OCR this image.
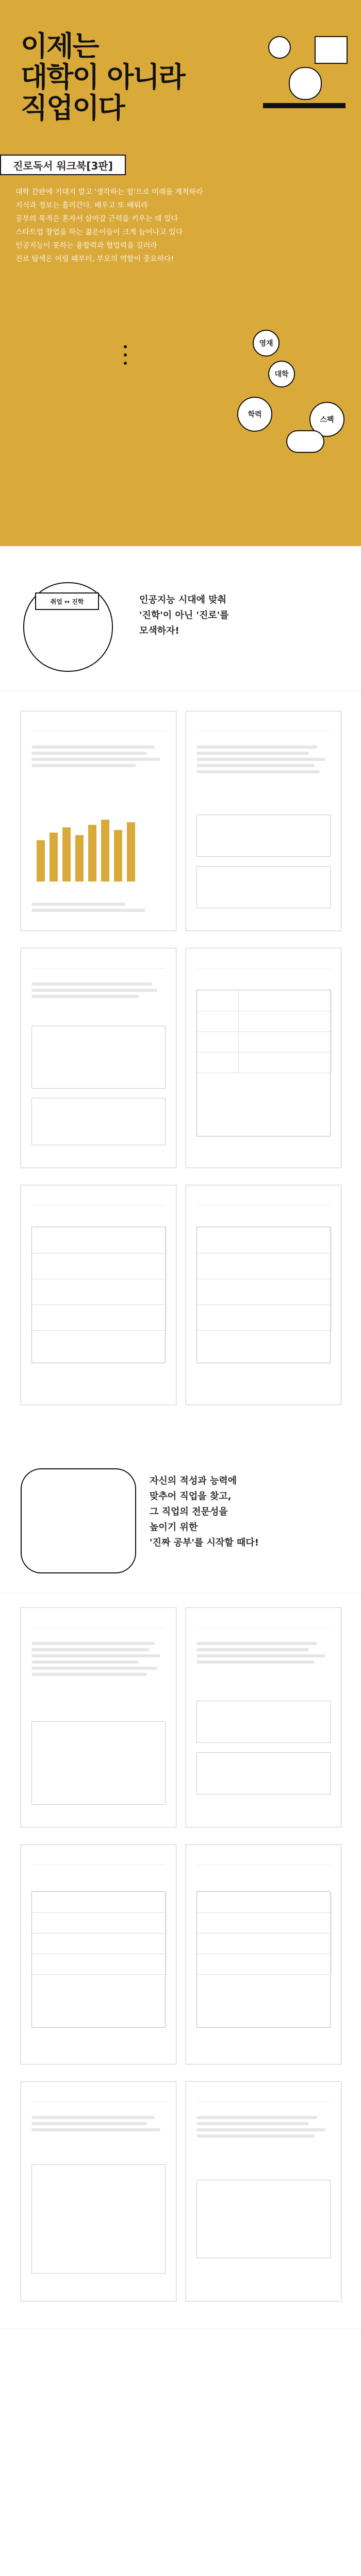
이제는
대학이 아니라
직업이다
진로독서 워크북[3판]
대학 간판에 기대지 말고 '생각하는 힘'으로 미래를 계척하라
지식과 정보는 흘러간다. 배우고 또 배워라
공부의 목적은 혼자서 살아갈 근력을 키우는 데 있다
스타트업 창업을 하는 젊은이들이 크게 늘어나고 있다
인공지능이 못하는 융합력과 협업력을 길러라
진로 탐색은 어릴 때부터, 부모의 역할이 중요하다!
영재
대학
학력
스펙
취업 ↔ 진학	인공지능 시대에 맞춰
'진학'이 아닌 '진로'를
모색하자!
자신의 적성과 능력에
맞추어 직업을 찾고,
그 직업의 전문성을
높이기 위한
'진짜 공부'를 시작할 때다!
